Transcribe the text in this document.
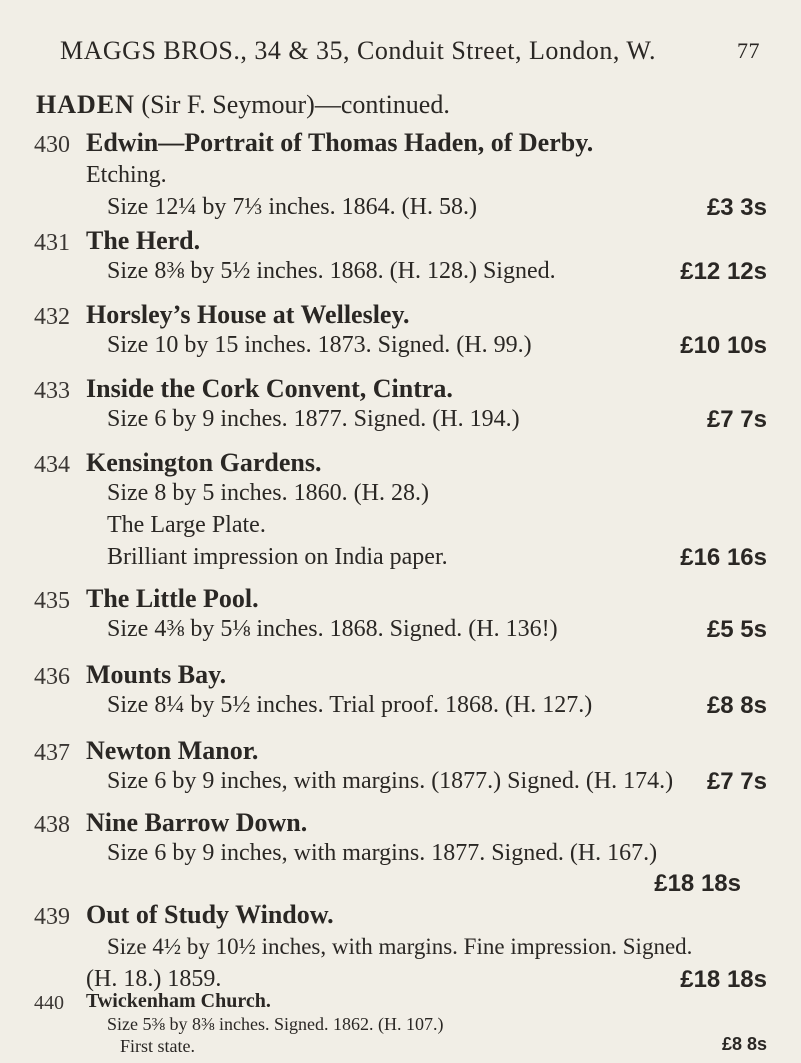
MAGGS BROS., 34 & 35, Conduit Street, London, W.	77
HADEN (Sir F. Seymour)—continued.
430 Edwin—Portrait of Thomas Haden, of Derby.
Etching.
Size 12¼ by 7⅓ inches. 1864. (H. 58.)	£3 3s
431 The Herd.
Size 8⅜ by 5½ inches. 1868. (H. 128.) Signed.	£12 12s
432 Horsley’s House at Wellesley.
Size 10 by 15 inches. 1873. Signed. (H. 99.)	£10 10s
433 Inside the Cork Convent, Cintra.
Size 6 by 9 inches. 1877. Signed. (H. 194.)	£7 7s
434 Kensington Gardens.
Size 8 by 5 inches. 1860. (H. 28.)
The Large Plate.
Brilliant impression on India paper.	£16 16s
435 The Little Pool.
Size 4⅜ by 5⅛ inches. 1868. Signed. (H. 136!)	£5 5s
436 Mounts Bay.
Size 8¼ by 5½ inches. Trial proof. 1868. (H. 127.)	£8 8s
437 Newton Manor.
Size 6 by 9 inches, with margins. (1877.) Signed. (H. 174.) £7 7s
438 Nine Barrow Down.
Size 6 by 9 inches, with margins. 1877. Signed. (H. 167.)
£18 18s
439 Out of Study Window.
Size 4½ by 10½ inches, with margins. Fine impression. Signed.
(H. 18.) 1859.	£18 18s
440 Twickenham Church.
Size 5⅜ by 8⅜ inches. Signed. 1862. (H. 107.)
First state.	£8 8s
